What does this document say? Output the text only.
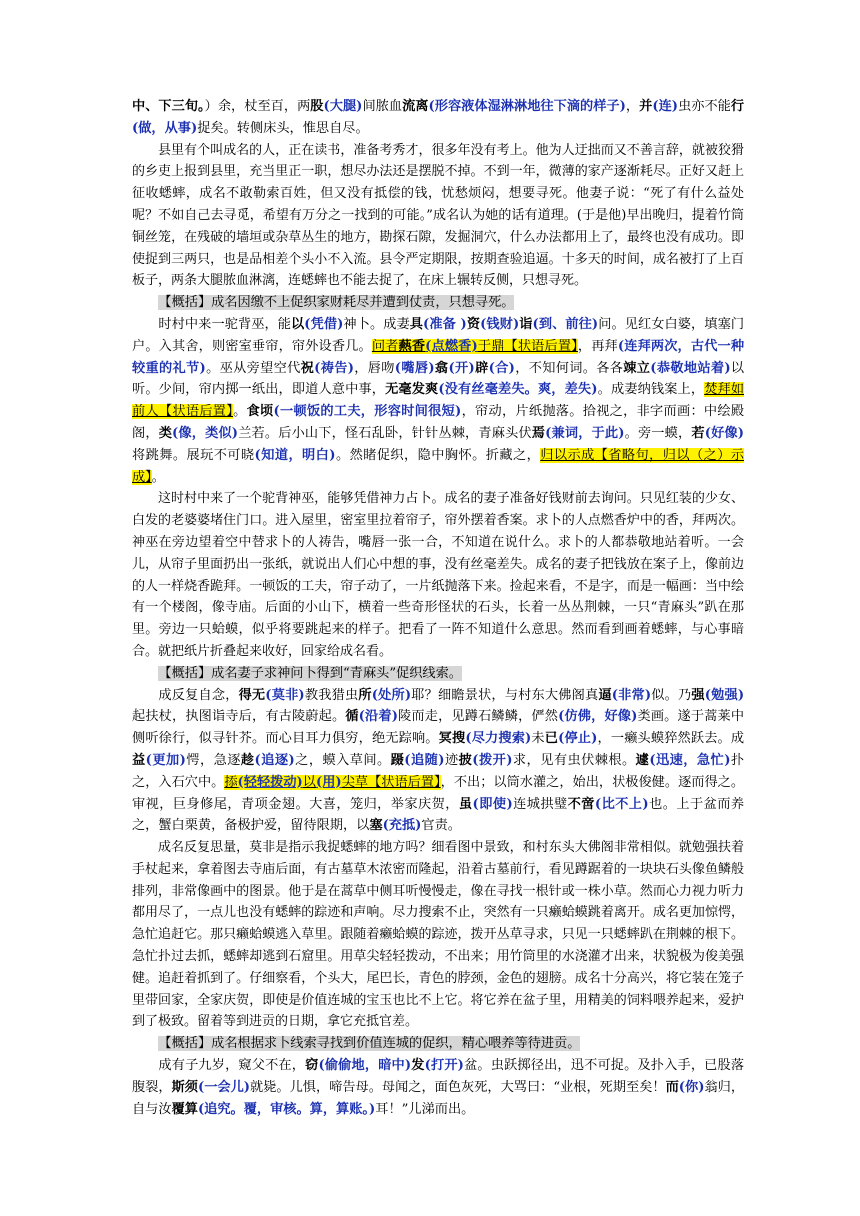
中、下三旬。）余，杖至百，两股(大腿)间脓血流离(形容液体湿淋淋地往下滴的样子)，并(连)虫亦不能行(做，从事)捉矣。转侧床头，惟思自尽。

县里有个叫成名的人，正在读书，准备考秀才，很多年没有考上。他为人迂拙而又不善言辞，就被狡猾的乡吏上报到县里，充当里正一职，想尽办法还是摆脱不掉。不到一年，微薄的家产逐渐耗尽。正好又赶上征收蟋蟀，成名不敢勒索百姓，但又没有抵偿的钱，忧愁烦闷，想要寻死。他妻子说：“死了有什么益处呢？不如自己去寻觅，希望有万分之一找到的可能。”成名认为她的话有道理。(于是他)早出晚归，提着竹筒铜丝笼，在残破的墙垣或杂草丛生的地方，勘探石隙，发掘洞穴，什么办法都用上了，最终也没有成功。即使捉到三两只，也是品相差个头小不入流。县令严定期限，按期查验追逼。十多天的时间，成名被打了上百板子，两条大腿脓血淋漓，连蟋蟀也不能去捉了，在床上辗转反侧，只想寻死。

【概括】成名因缴不上促织家财耗尽并遭到仗责，只想寻死。

时村中来一驼背巫，能以(凭借)神卜。成妻具(准备 )资(钱财)诣(到、前往)问。见红女白婆，填塞门户。入其舍，则密室垂帘，帘外设香几。问者爇香(点燃香)于鼎【状语后置】，再拜(连拜两次，古代一种较重的礼节)。巫从旁望空代祝(祷告)，唇吻(嘴唇)翕(开)辟(合)，不知何词。各各竦立(恭敬地站着)以听。少间，帘内掷一纸出，即道人意中事，无毫发爽(没有丝毫差失。爽，差失)。成妻纳钱案上，焚拜如前人【状语后置】。食顷(一顿饭的工夫，形容时间很短)，帘动，片纸抛落。拾视之，非字而画：中绘殿阁，类(像，类似)兰若。后小山下，怪石乱卧，针针丛棘，青麻头伏焉(兼词，于此)。旁一蟆，若(好像)将跳舞。展玩不可晓(知道，明白)。然睹促织，隐中胸怀。折藏之，归以示成【省略句，归以（之）示成】。

这时村中来了一个驼背神巫，能够凭借神力占卜。成名的妻子准备好钱财前去询问。只见红装的少女、白发的老婆婆堵住门口。进入屋里，密室里拉着帘子，帘外摆着香案。求卜的人点燃香炉中的香，拜两次。神巫在旁边望着空中替求卜的人祷告，嘴唇一张一合，不知道在说什么。求卜的人都恭敬地站着听。一会儿，从帘子里面扔出一张纸，就说出人们心中想的事，没有丝毫差失。成名的妻子把钱放在案子上，像前边的人一样烧香跪拜。一顿饭的工夫，帘子动了，一片纸抛落下来。捡起来看，不是字，而是一幅画：当中绘有一个楼阁，像寺庙。后面的小山下，横着一些奇形怪状的石头，长着一丛丛荆棘，一只“青麻头”趴在那里。旁边一只蛤蟆，似乎将要跳起来的样子。把看了一阵不知道什么意思。然而看到画着蟋蟀，与心事暗合。就把纸片折叠起来收好，回家给成名看。

【概括】成名妻子求神问卜得到“青麻头”促织线索。

成反复自念，得无(莫非)教我猎虫所(处所)耶？细瞻景状，与村东大佛阁真逼(非常)似。乃强(勉强)起扶杖，执图诣寺后，有古陵蔚起。循(沿着)陵而走，见蹲石鳞鳞，俨然(仿佛，好像)类画。遂于蒿莱中侧听徐行，似寻针芥。而心目耳力俱穷，绝无踪响。冥搜(尽力搜索)未已(停止)，一癞头蟆猝然跃去。成益(更加)愕，急逐趁(追逐)之，蟆入草间。蹑(追随)迹披(拨开)求，见有虫伏棘根。遽(迅速，急忙)扑之，入石穴中。掭(轻轻拨动)以(用)尖草【状语后置】，不出；以筒水灌之，始出，状极俊健。逐而得之。审视，巨身修尾，青项金翅。大喜，笼归，举家庆贺，虽(即使)连城拱璧不啻(比不上)也。上于盆而养之，蟹白栗黄，备极护爱，留待限期，以塞(充抵)官责。

成名反复思量，莫非是指示我捉蟋蟀的地方吗？细看图中景致，和村东头大佛阁非常相似。就勉强扶着手杖起来，拿着图去寺庙后面，有古墓草木浓密而隆起，沿着古墓前行，看见蹲踞着的一块块石头像鱼鳞般排列，非常像画中的图景。他于是在蒿草中侧耳听慢慢走，像在寻找一根针或一株小草。然而心力视力听力都用尽了，一点儿也没有蟋蟀的踪迹和声响。尽力搜索不止，突然有一只癞蛤蟆跳着离开。成名更加惊愕，急忙追赶它。那只癞蛤蟆逃入草里。跟随着癞蛤蟆的踪迹，拨开丛草寻求，只见一只蟋蟀趴在荆棘的根下。急忙扑过去抓，蟋蟀却逃到石窟里。用草尖轻轻拨动，不出来；用竹筒里的水浇灌才出来，状貌极为俊美强健。追赶着抓到了。仔细察看，个头大，尾巴长，青色的脖颈，金色的翅膀。成名十分高兴，将它装在笼子里带回家，全家庆贺，即使是价值连城的宝玉也比不上它。将它养在盆子里，用精美的饲料喂养起来，爱护到了极致。留着等到进贡的日期，拿它充抵官差。

【概括】成名根据求卜线索寻找到价值连城的促织，精心喂养等待进贡。

成有子九岁，窥父不在，窃(偷偷地，暗中)发(打开)盆。虫跃掷径出，迅不可捉。及扑入手，已股落腹裂，斯须(一会儿)就毙。儿惧，啼告母。母闻之，面色灰死，大骂曰：“业根，死期至矣！而(你)翁归，自与汝覆算(追究。覆，审核。算，算账。)耳！”儿涕而出。
